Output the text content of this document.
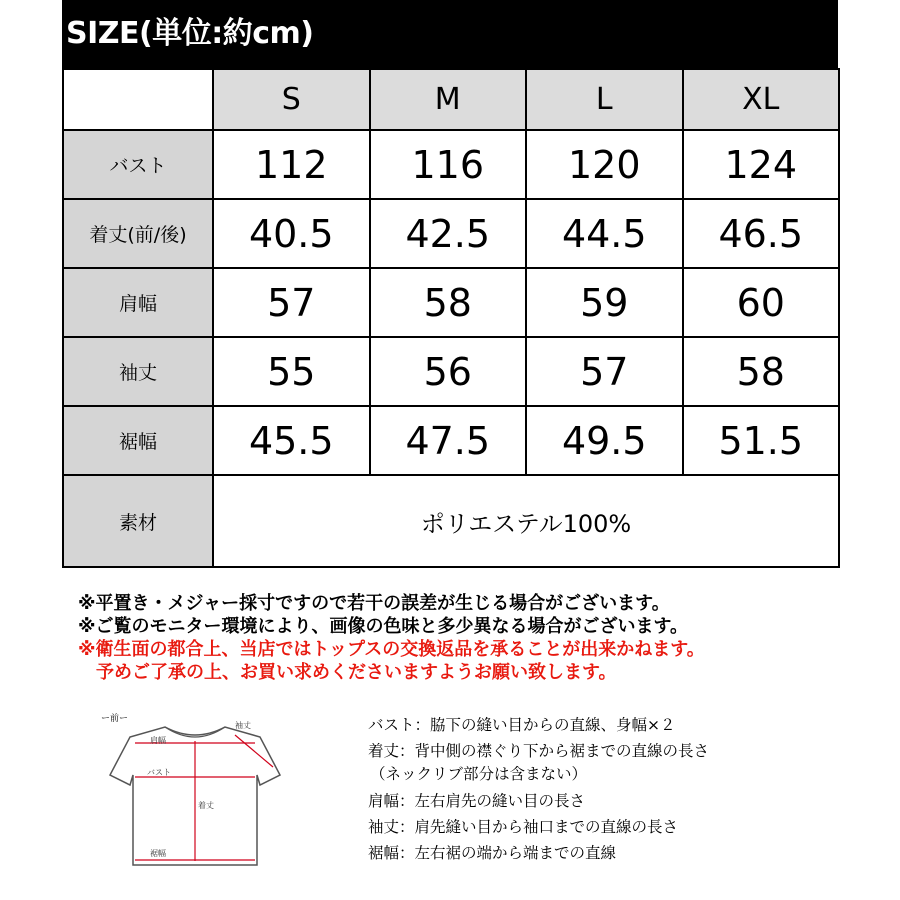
SIZE(単位:約cm)
	S	M	L	XL
バスト	112	116	120	124
着丈(前/後)	40.5	42.5	44.5	46.5
肩幅	57	58	59	60
袖丈	55	56	57	58
裾幅	45.5	47.5	49.5	51.5
素材	ポリエステル100%			
※平置き・メジャー採寸ですので若干の誤差が生じる場合がございます。
※ご覧のモニター環境により、画像の色味と多少異なる場合がございます。
※衛生面の都合上、当店ではトップスの交換返品を承ることが出来かねます。
予めご了承の上、お買い求めくださいますようお願い致します。
ー前ー
肩幅
袖丈
バスト
着丈
裾幅
バスト：脇下の縫い目からの直線、身幅×２
着丈：背中側の襟ぐり下から裾までの直線の長さ
（ネックリブ部分は含まない）
肩幅：左右肩先の縫い目の長さ
袖丈：肩先縫い目から袖口までの直線の長さ
裾幅：左右裾の端から端までの直線
